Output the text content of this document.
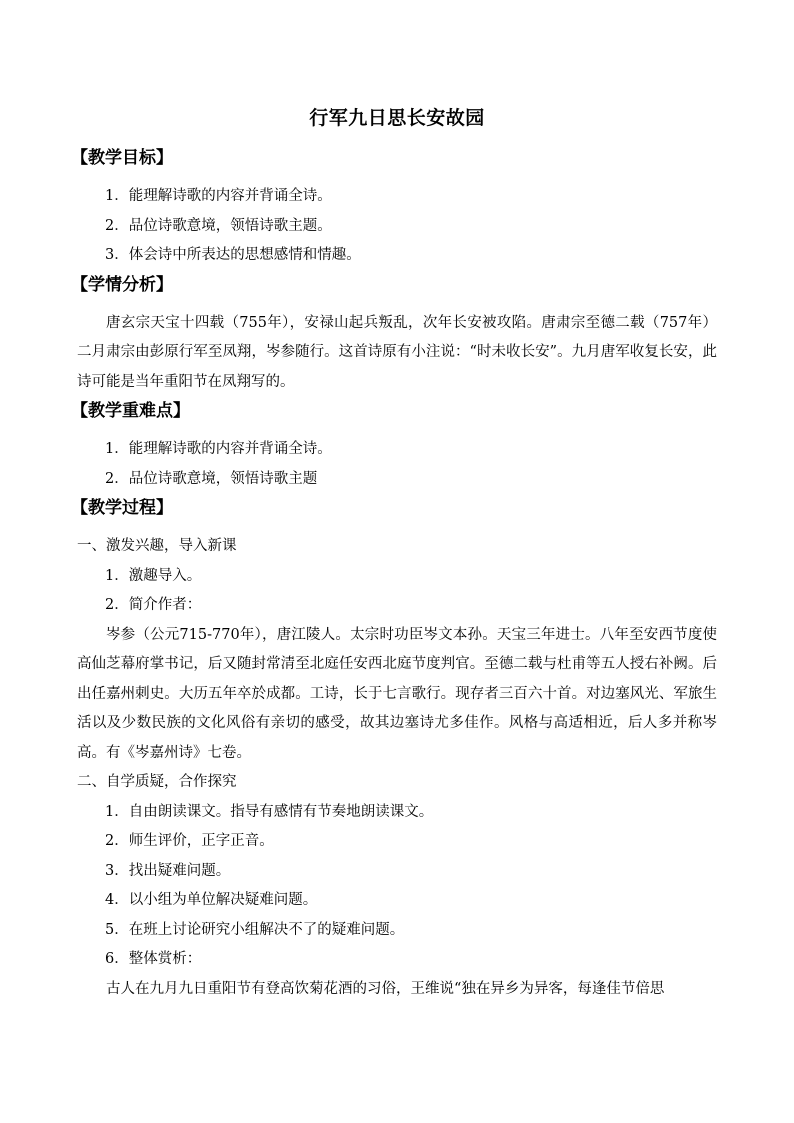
行军九日思长安故园
【教学目标】
1．能理解诗歌的内容并背诵全诗。
2．品位诗歌意境，领悟诗歌主题。
3．体会诗中所表达的思想感情和情趣。
【学情分析】

唐玄宗天宝十四载（755年），安禄山起兵叛乱，次年长安被攻陷。唐肃宗至德二载（757年）二月肃宗由彭原行军至凤翔，岑参随行。这首诗原有小注说：“时未收长安”。九月唐军收复长安，此诗可能是当年重阳节在凤翔写的。

【教学重难点】
1．能理解诗歌的内容并背诵全诗。
2．品位诗歌意境，领悟诗歌主题
【教学过程】
一、激发兴趣，导入新课
1．激趣导入。
2．简介作者：

岑参（公元715-770年），唐江陵人。太宗时功臣岑文本孙。天宝三年进士。八年至安西节度使高仙芝幕府掌书记，后又随封常清至北庭任安西北庭节度判官。至德二载与杜甫等五人授右补阙。后出任嘉州刺史。大历五年卒於成都。工诗，长于七言歌行。现存者三百六十首。对边塞风光、军旅生活以及少数民族的文化风俗有亲切的感受，故其边塞诗尤多佳作。风格与高适相近，后人多并称岑高。有《岑嘉州诗》七卷。

二、自学质疑，合作探究
1．自由朗读课文。指导有感情有节奏地朗读课文。
2．师生评价，正字正音。
3．找出疑难问题。
4．以小组为单位解决疑难问题。
5．在班上讨论研究小组解决不了的疑难问题。
6．整体赏析：

古人在九月九日重阳节有登高饮菊花酒的习俗，王维说“独在异乡为异客，每逢佳节倍思
